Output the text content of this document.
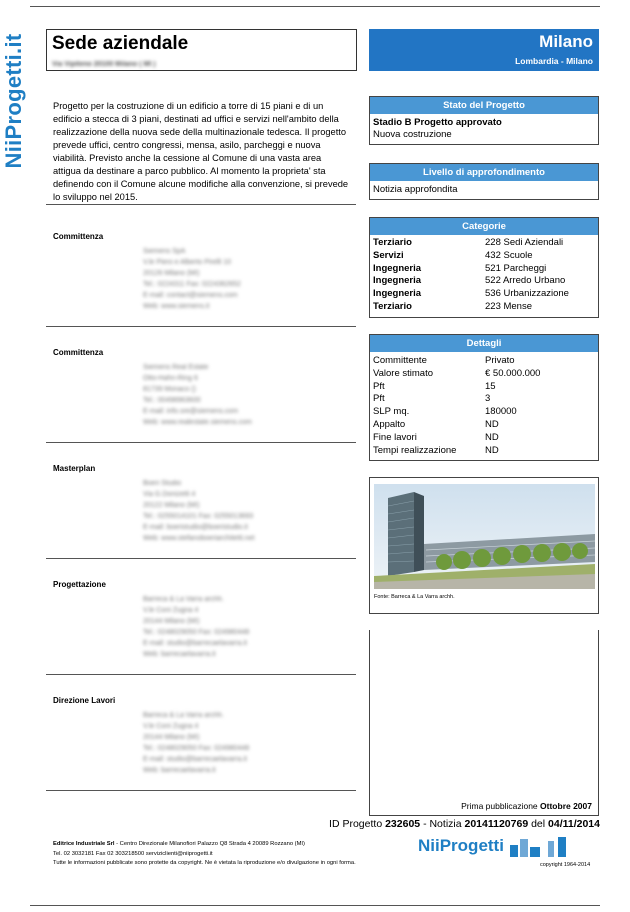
NiiProgetti.it Sede aziendale
Via Vipiteno 20100 Milano ( MI )
Milano
Lombardia - Milano
Progetto per la costruzione di un edificio a torre di 15 piani e di un edificio a stecca di 3 piani, destinati ad uffici e servizi nell'ambito della realizzazione della nuova sede della multinazionale tedesca. Il progetto prevede uffici, centro congressi, mensa, asilo, parcheggi e nuova viabilità. Previsto anche la cessione al Comune di una vasta area attigua da destinare a parco pubblico. Al momento la proprieta' sta definendo con il Comune alcune modifiche alla convenzione, si prevede lo sviluppo nel 2015.
Committenza
Siemens SpA
V.le Piero e Alberto Pirelli 10
20126 Milano (MI)
Tel.: 0224311 Fax: 0224362652
E-mail: contact@siemens.com
Web: www.siemens.it
Committenza
Siemens Real Estate
Otto-Hahn-Ring 6
81739 Monaco ()
Tel.: 00498963600
E-mail: info.sre@siemens.com
Web: www.realestate.siemens.com
Masterplan
Boeri Studio
Via G.Donizetti 4
20122 Milano (MI)
Tel.: 0255014101 Fax: 0255013693
E-mail: boeristudio@boeristudio.it
Web: www.stefanoboeriarchitetti.net
Progettazione
Barreca & La Varra archh.
V.le Coni Zugna 4
20144 Milano (MI)
Tel.: 0248029050 Fax: 024980448
E-mail: studio@barrecaelavarra.it
Web: barrecaelavarra.it
Direzione Lavori
Barreca & La Varra archh.
V.le Coni Zugna 4
20144 Milano (MI)
Tel.: 0248029050 Fax: 024980448
E-mail: studio@barrecaelavarra.it
Web: barrecaelavarra.it
Stato del Progetto
Stadio B Progetto approvato
Nuova costruzione
Livello di approfondimento
Notizia approfondita
Categorie
Terziario	228 Sedi Aziendali
Servizi	432 Scuole
Ingegneria	521 Parcheggi
Ingegneria	522 Arredo Urbano
Ingegneria	536 Urbanizzazione
Terziario	223 Mense
Dettagli
Committente	Privato
Valore stimato	€ 50.000.000
Pft	15
Pft	3
SLP mq.	180000
Appalto	ND
Fine lavori	ND
Tempi realizzazione	ND
Fonte: Barreca & La Varra archh.
Prima pubblicazione Ottobre 2007
ID Progetto 232605 - Notizia 20141120769 del 04/11/2014
Editrice Industriale Srl - Centro Direzionale Milanofiori Palazzo Q8 Strada 4 20089 Rozzano (MI)
Tel. 02 3032181 Fax 02 303218500 serviziclienti@niiprogetti.it
Tutte le informazioni pubblicate sono protette da copyright. Ne è vietata la riproduzione e/o divulgazione in ogni forma.
NiiProgetti
copyright 1964-2014
